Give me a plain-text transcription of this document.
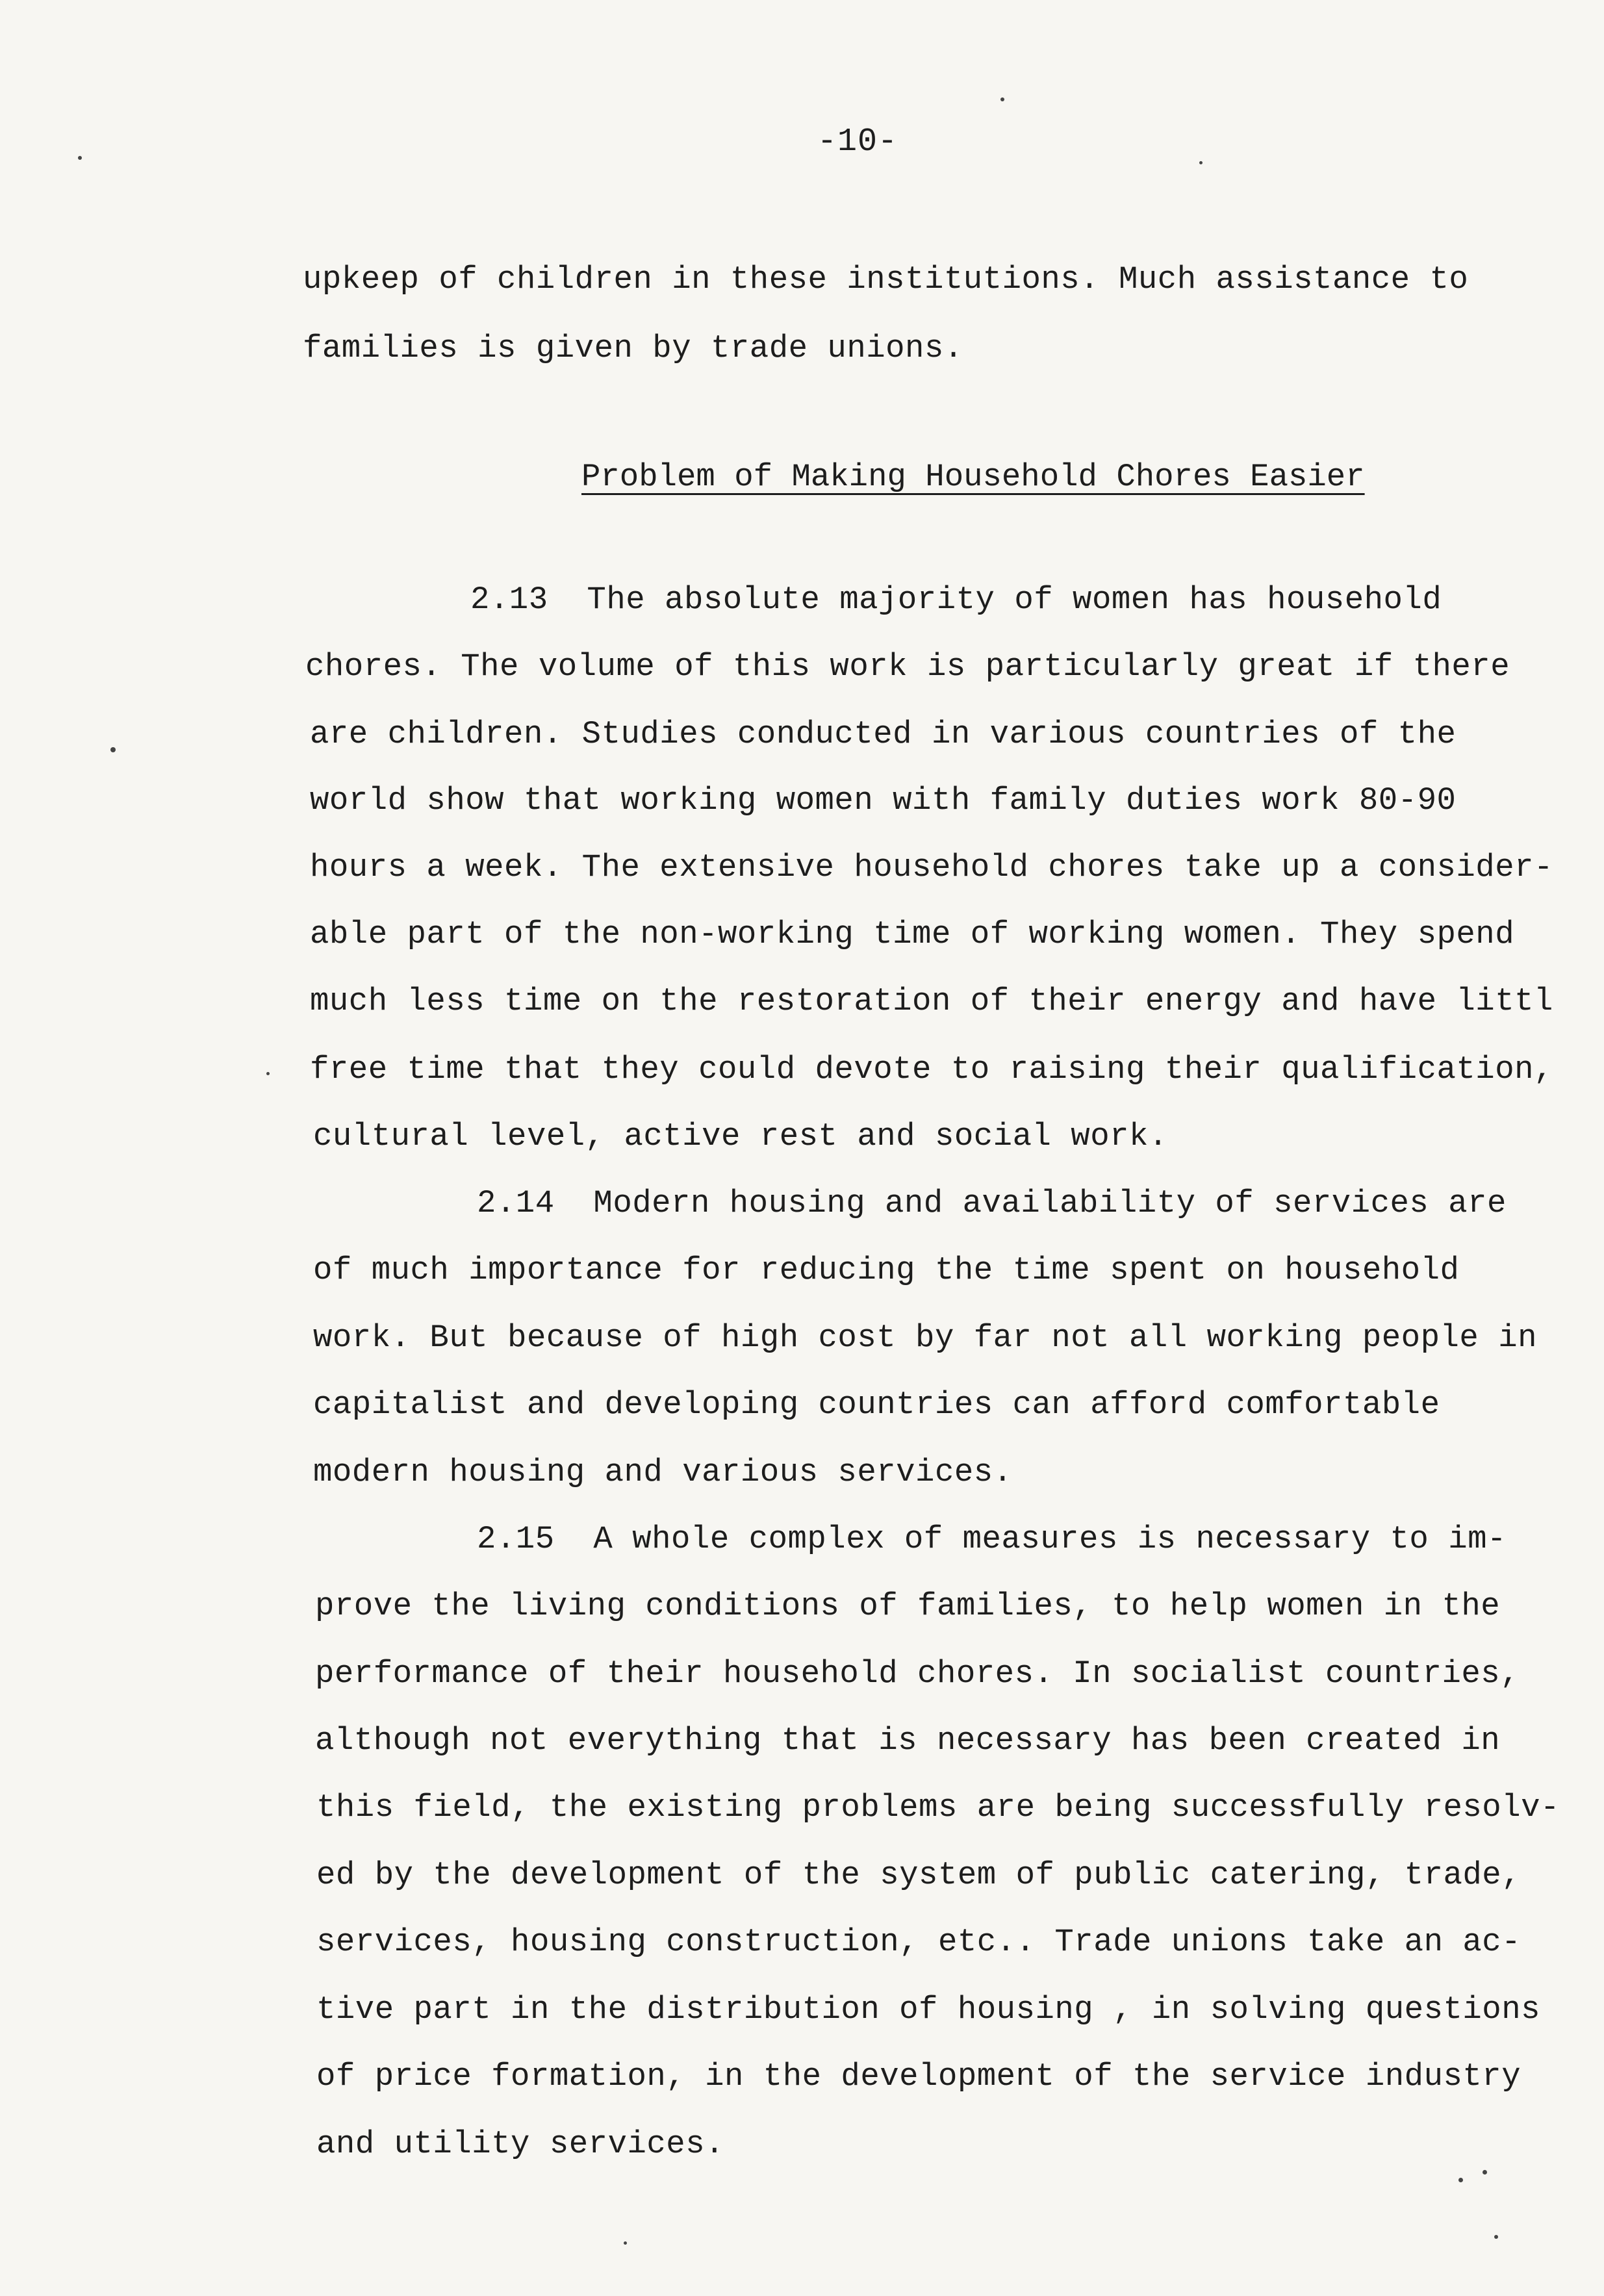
-10-
upkeep of children in these institutions. Much assistance to
families is given by trade unions.
Problem of Making Household Chores Easier
2.13  The absolute majority of women has household
chores. The volume of this work is particularly great if there
are children. Studies conducted in various countries of the
world show that working women with family duties work 80-90
hours a week. The extensive household chores take up a consider-
able part of the non-working time of working women. They spend
much less time on the restoration of their energy and have littl
free time that they could devote to raising their qualification,
cultural level, active rest and social work.
2.14  Modern housing and availability of services are
of much importance for reducing the time spent on household
work. But because of high cost by far not all working people in
capitalist and developing countries can afford comfortable
modern housing and various services.
2.15  A whole complex of measures is necessary to im-
prove the living conditions of families, to help women in the
performance of their household chores. In socialist countries,
although not everything that is necessary has been created in
this field, the existing problems are being successfully resolv-
ed by the development of the system of public catering, trade,
services, housing construction, etc.. Trade unions take an ac-
tive part in the distribution of housing , in solving questions
of price formation, in the development of the service industry
and utility services.
